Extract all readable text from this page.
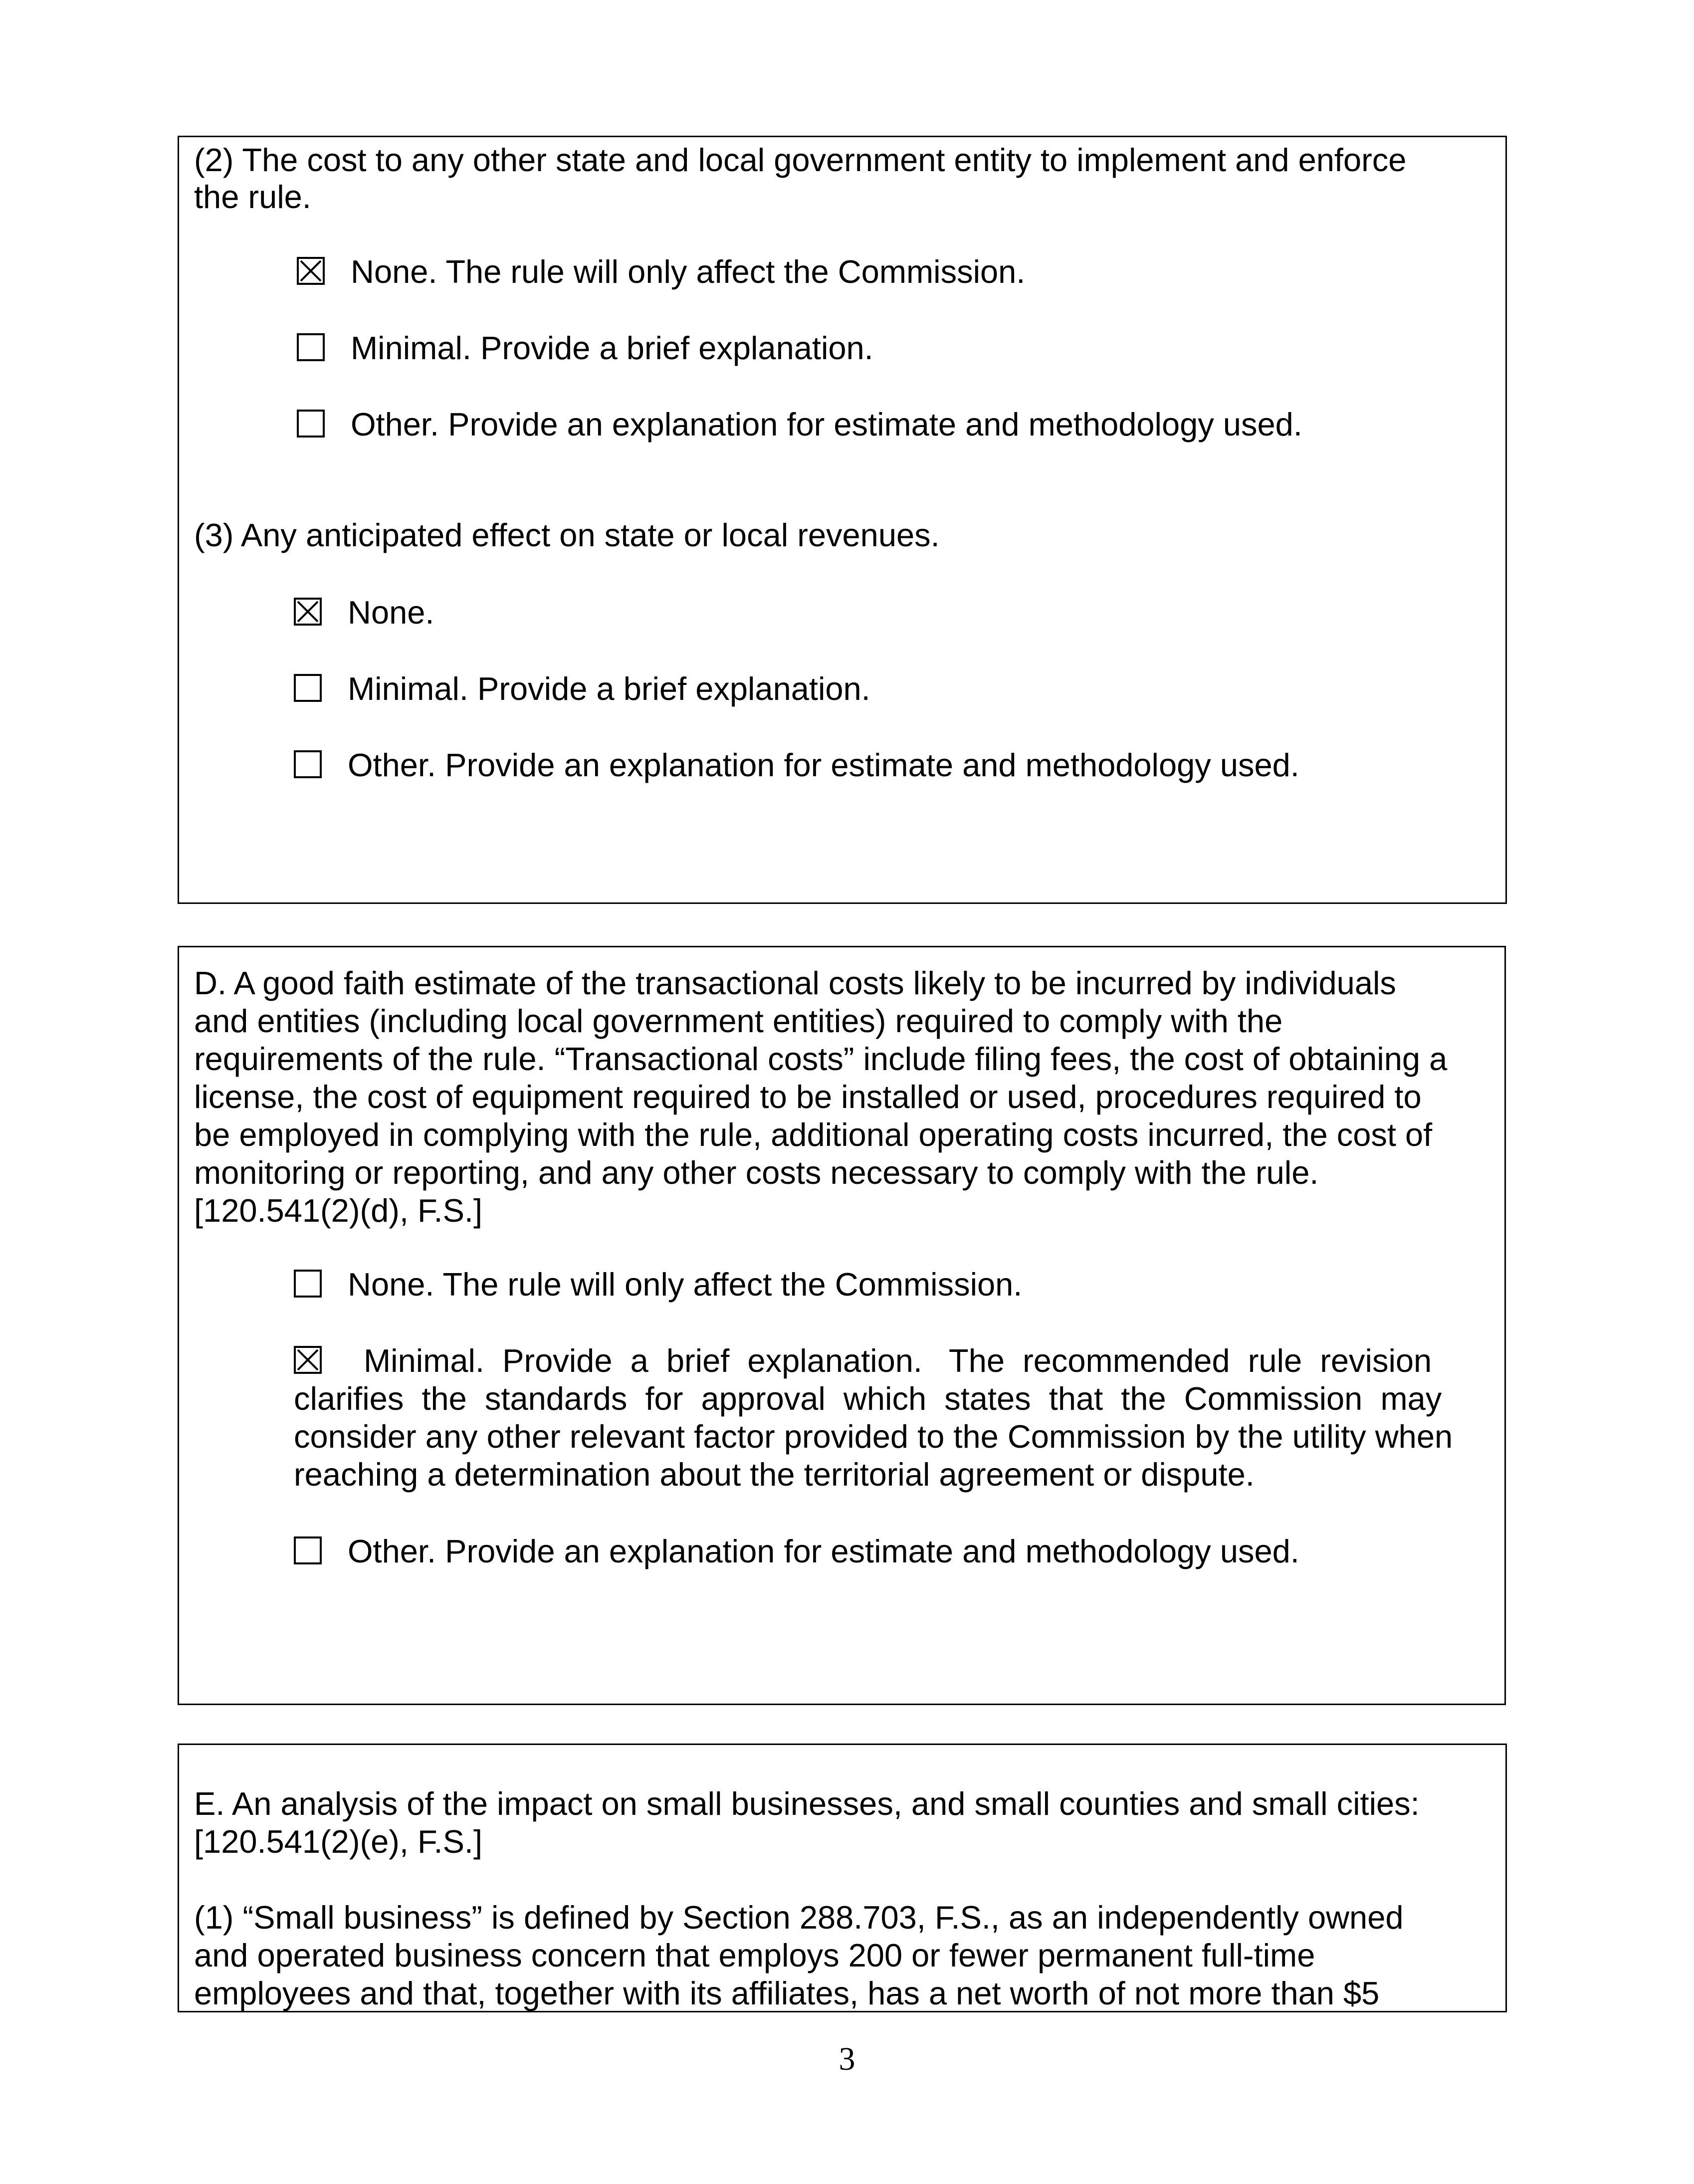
(2) The cost to any other state and local government entity to implement and enforce
the rule.
None. The rule will only affect the Commission.
Minimal. Provide a brief explanation.
Other. Provide an explanation for estimate and methodology used.
(3) Any anticipated effect on state or local revenues.
None.
Minimal. Provide a brief explanation.
Other. Provide an explanation for estimate and methodology used.
D. A good faith estimate of the transactional costs likely to be incurred by individuals
and entities (including local government entities) required to comply with the
requirements of the rule. “Transactional costs” include filing fees, the cost of obtaining a
license, the cost of equipment required to be installed or used, procedures required to
be employed in complying with the rule, additional operating costs incurred, the cost of
monitoring or reporting, and any other costs necessary to comply with the rule.
[120.541(2)(d), F.S.]
None. The rule will only affect the Commission.
Minimal.  Provide  a  brief  explanation.   The  recommended  rule  revision
clarifies  the  standards  for  approval  which  states  that  the  Commission  may
consider any other relevant factor provided to the Commission by the utility when
reaching a determination about the territorial agreement or dispute.
Other. Provide an explanation for estimate and methodology used.
E. An analysis of the impact on small businesses, and small counties and small cities:
[120.541(2)(e), F.S.]
(1) “Small business” is defined by Section 288.703, F.S., as an independently owned
and operated business concern that employs 200 or fewer permanent full-time
employees and that, together with its affiliates, has a net worth of not more than $5
3
